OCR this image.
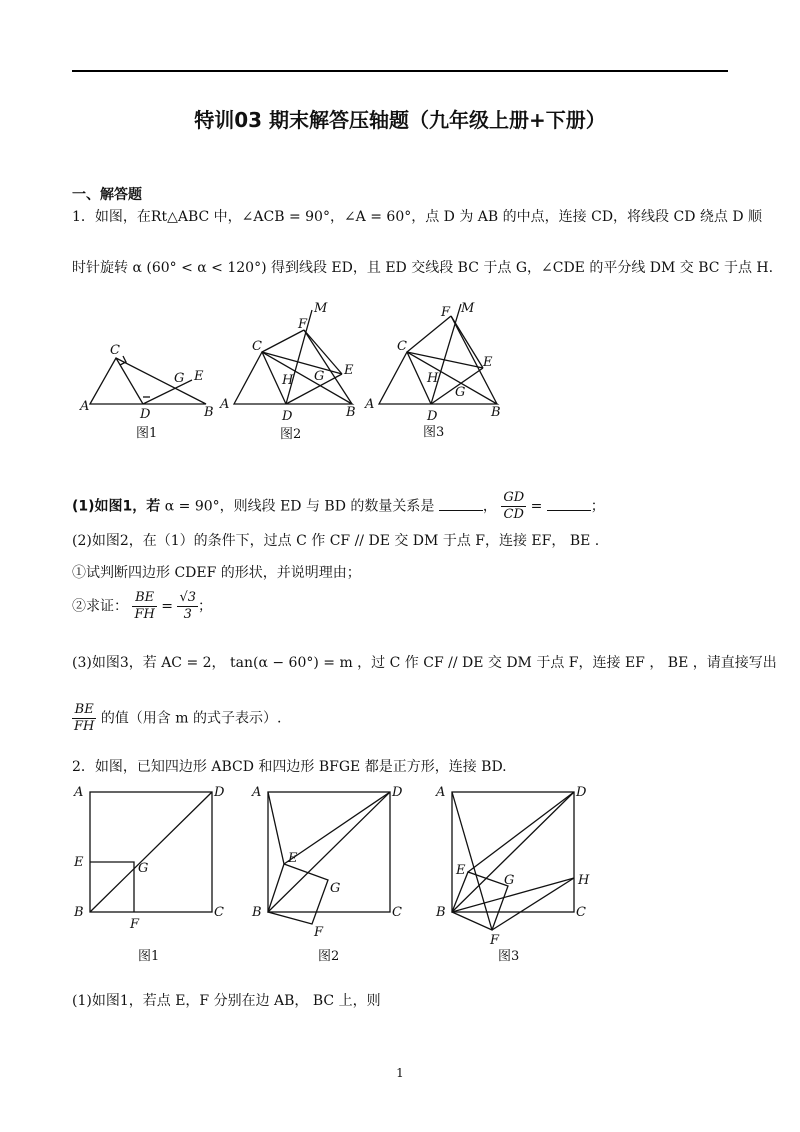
特训03 期末解答压轴题（九年级上册+下册）
一、解答题
1．如图，在Rt△ABC 中，∠ACB = 90°，∠A = 60°，点 D 为 AB 的中点，连接 CD，将线段 CD 绕点 D 顺
时针旋转 α (60° < α < 120°) 得到线段 ED，且 ED 交线段 BC 于点 G，∠CDE 的平分线 DM 交 BC 于点 H.
A
C
D
G E
B
图1
A
C
D
H G E
B
F
M
图2
A
C
D
H
G
E
B
F M
图3
(1)如图1，若 α = 90°，则线段 ED 与 BD 的数量关系是	， $\frac{GD}{CD}$ =	；
(2)如图2，在（1）的条件下，过点 C 作 CF // DE 交 DM 于点 F，连接 EF， BE .
①试判断四边形 CDEF 的形状，并说明理由；
②求证： $\frac{BE}{FH} = \frac{√3}{3}$ ；
(3)如图3，若 AC = 2， tan(α − 60°) = m ，过 C 作 CF // DE 交 DM 于点 F，连接 EF ， BE ，请直接写出
$\frac{BE}{FH}$ 的值（用含 m 的式子表示）.
2．如图，已知四边形 ABCD 和四边形 BFGE 都是正方形，连接 BD.
A	D
E	G
B
F
C
图1
A	D
E
G
B
F
C
图2
A	D
E
G	H
B
F
C
图3
(1)如图1，若点 E，F 分别在边 AB， BC 上，则
1
